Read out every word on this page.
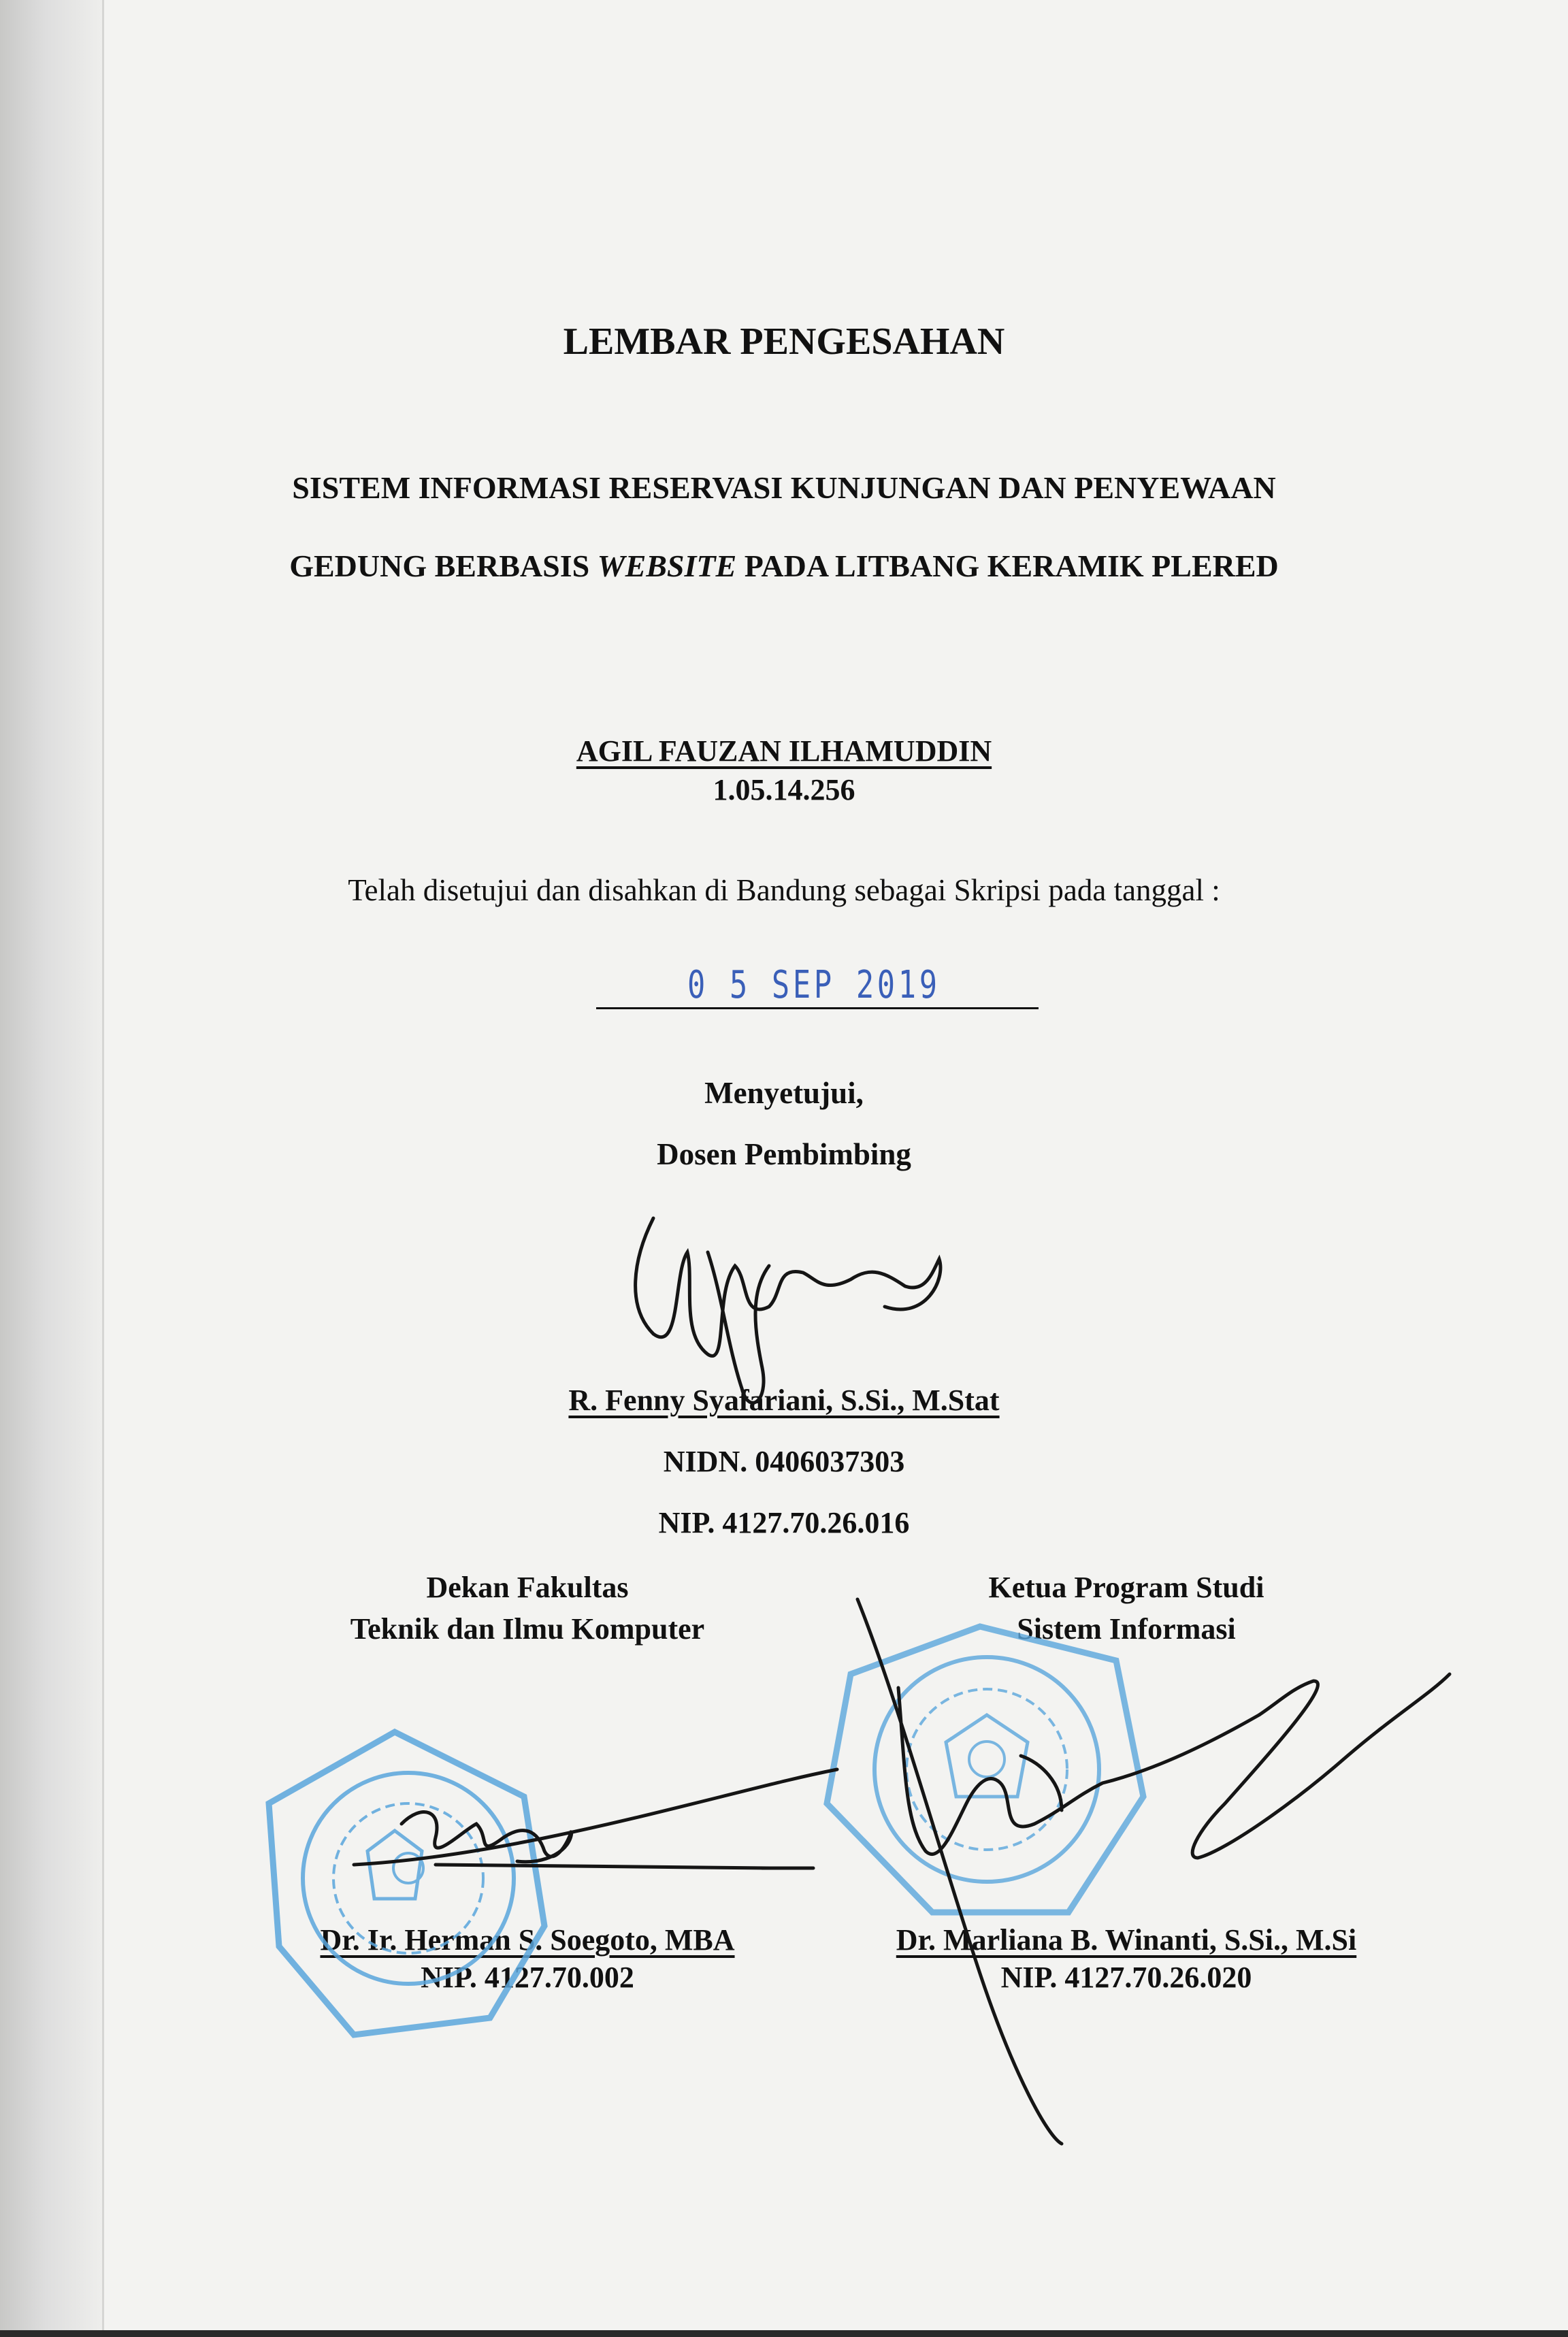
LEMBAR PENGESAHAN
SISTEM INFORMASI RESERVASI KUNJUNGAN DAN PENYEWAAN
GEDUNG BERBASIS WEBSITE PADA LITBANG KERAMIK PLERED
AGIL FAUZAN ILHAMUDDIN
1.05.14.256
Telah disetujui dan disahkan di Bandung sebagai Skripsi pada tanggal :
0 5 SEP 2019
Menyetujui,
Dosen Pembimbing
R. Fenny Syafariani, S.Si., M.Stat
NIDN. 0406037303
NIP. 4127.70.26.016
Dekan Fakultas
Teknik dan Ilmu Komputer
Ketua Program Studi
Sistem Informasi
Dr. Ir. Herman S. Soegoto, MBA
NIP. 4127.70.002
Dr. Marliana B. Winanti, S.Si., M.Si
NIP. 4127.70.26.020
